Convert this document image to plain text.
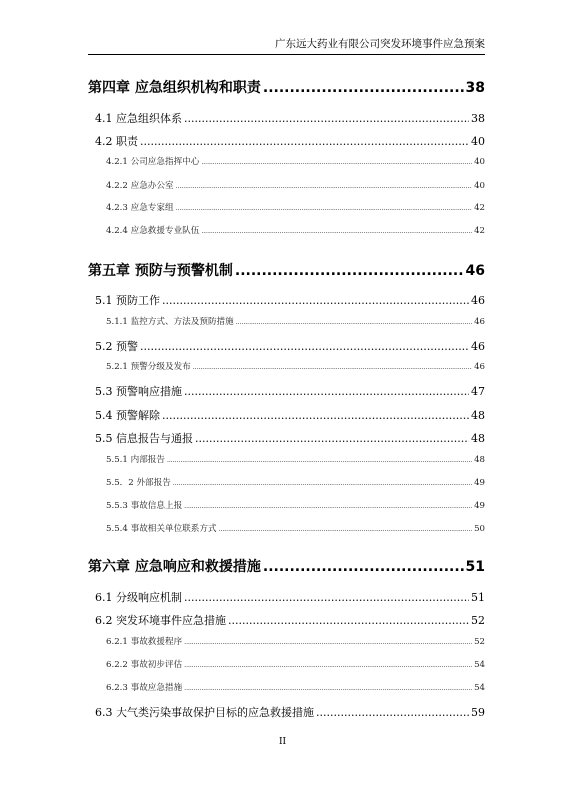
广东远大药业有限公司突发环境事件应急预案
第四章 应急组织机构和职责 .....	38
4.1 应急组织体系 .....	38
4.2 职责 .....	40
4.2.1 公司应急指挥中心 .....	40
4.2.2 应急办公室 .....	40
4.2.3 应急专家组 .....	42
4.2.4 应急救援专业队伍 .....	42
第五章 预防与预警机制 .....	46
5.1 预防工作 .....	46
5.1.1 监控方式、方法及预防措施 .....	46
5.2 预警 .....	46
5.2.1 预警分级及发布 .....	46
5.3 预警响应措施 .....	47
5.4 预警解除 .....	48
5.5 信息报告与通报 .....	48
5.5.1 内部报告 .....	48
5.5．2 外部报告 .....	49
5.5.3 事故信息上报 .....	49
5.5.4 事故相关单位联系方式 .....	50
第六章 应急响应和救援措施 .....	51
6.1 分级响应机制 .....	51
6.2 突发环境事件应急措施 .....	52
6.2.1 事故救援程序 .....	52
6.2.2 事故初步评估 .....	54
6.2.3 事故应急措施 .....	54
6.3 大气类污染事故保护目标的应急救援措施 .....	59
II
